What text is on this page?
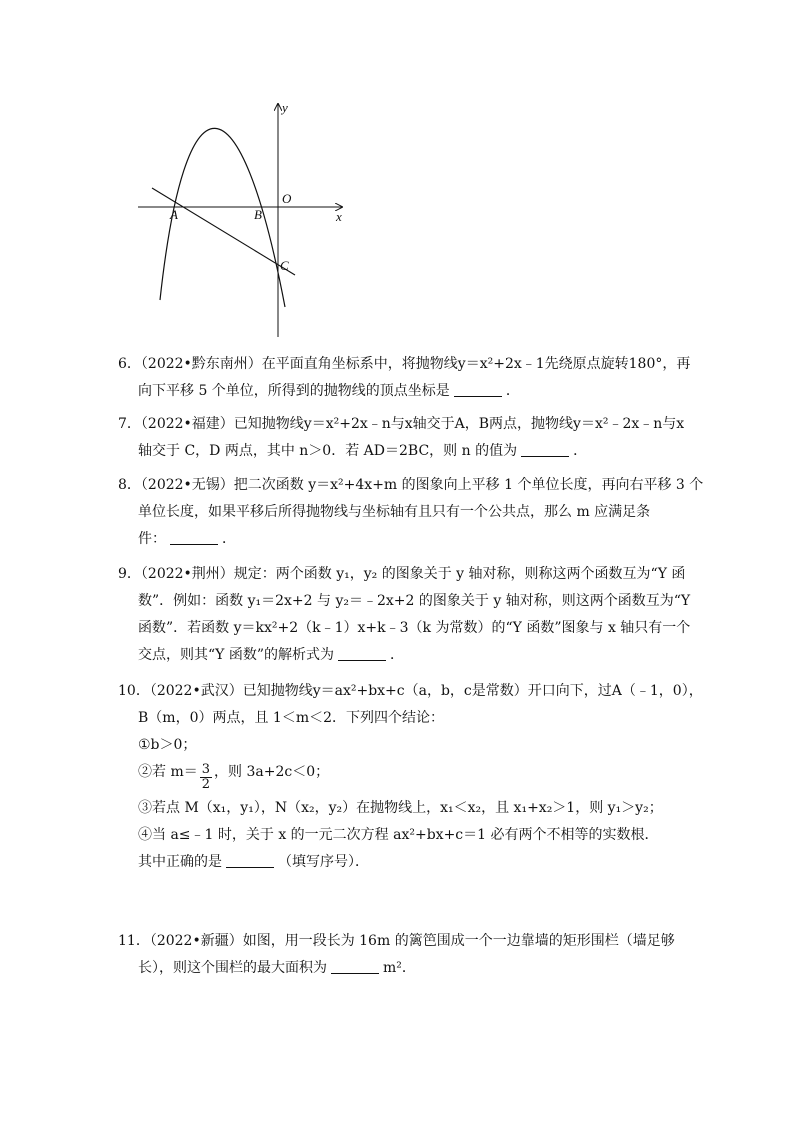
y
x
O
A	B
C
6．（2022•黔东南州）在平面直角坐标系中，将抛物线y＝x²+2x﹣1先绕原点旋转180°，再
向下平移 5 个单位，所得到的抛物线的顶点坐标是	．
7．（2022•福建）已知抛物线y＝x²+2x﹣n与x轴交于A，B两点，抛物线y＝x²﹣2x﹣n与x
轴交于 C，D 两点，其中 n＞0．若 AD＝2BC，则 n 的值为	．
8．（2022•无锡）把二次函数 y＝x²+4x+m 的图象向上平移 1 个单位长度，再向右平移 3 个
单位长度，如果平移后所得抛物线与坐标轴有且只有一个公共点，那么 m 应满足条
件：	．
9．（2022•荆州）规定：两个函数 y₁，y₂ 的图象关于 y 轴对称，则称这两个函数互为“Y 函
数”．例如：函数 y₁＝2x+2 与 y₂＝﹣2x+2 的图象关于 y 轴对称，则这两个函数互为“Y
函数”．若函数 y＝kx²+2（k﹣1）x+k﹣3（k 为常数）的“Y 函数”图象与 x 轴只有一个
交点，则其“Y 函数”的解析式为	．
10．（2022•武汉）已知抛物线y＝ax²+bx+c（a，b，c是常数）开口向下，过A（﹣1，0），
B（m，0）两点，且 1＜m＜2．下列四个结论：
①b＞0；
②若 $m= \frac{3}{2}$ ，则 3a+2c＜0；
③若点 M（x₁，y₁），N（x₂，y₂）在抛物线上，x₁＜x₂，且 x₁+x₂＞1，则 y₁＞y₂；
④当 a≤﹣1 时，关于 x 的一元二次方程 ax²+bx+c＝1 必有两个不相等的实数根．
其中正确的是	（填写序号）．
11．（2022•新疆）如图，用一段长为 16m 的篱笆围成一个一边靠墙的矩形围栏（墙足够
长），则这个围栏的最大面积为	m²．
